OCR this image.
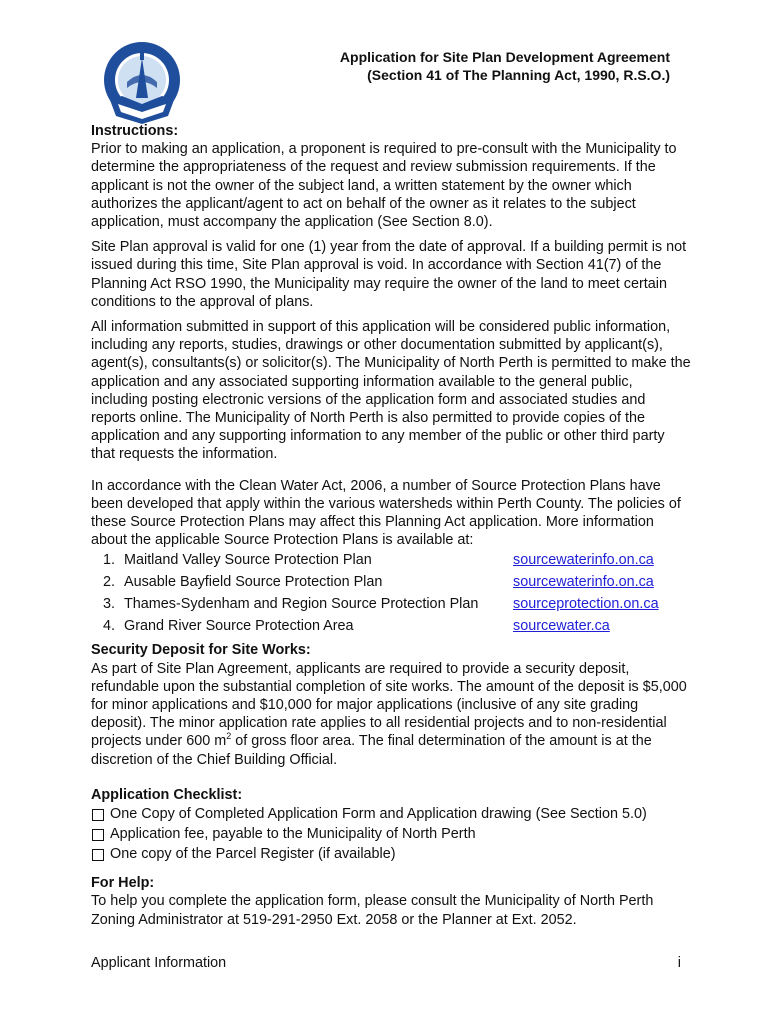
Application for Site Plan Development Agreement
(Section 41 of The Planning Act, 1990, R.S.O.)
Instructions:

Prior to making an application, a proponent is required to pre-consult with the Municipality to determine the appropriateness of the request and review submission requirements. If the applicant is not the owner of the subject land, a written statement by the owner which authorizes the applicant/agent to act on behalf of the owner as it relates to the subject application, must accompany the application (See Section 8.0).

Site Plan approval is valid for one (1) year from the date of approval. If a building permit is not issued during this time, Site Plan approval is void. In accordance with Section 41(7) of the Planning Act RSO 1990, the Municipality may require the owner of the land to meet certain conditions to the approval of plans.

All information submitted in support of this application will be considered public information, including any reports, studies, drawings or other documentation submitted by applicant(s), agent(s), consultants(s) or solicitor(s). The Municipality of North Perth is permitted to make the application and any associated supporting information available to the general public, including posting electronic versions of the application form and associated studies and reports online. The Municipality of North Perth is also permitted to provide copies of the application and any supporting information to any member of the public or other third party that requests the information.

In accordance with the Clean Water Act, 2006, a number of Source Protection Plans have been developed that apply within the various watersheds within Perth County. The policies of these Source Protection Plans may affect this Planning Act application. More information about the applicable Source Protection Plans is available at:

1. Maitland Valley Source Protection Plan	sourcewaterinfo.on.ca
2. Ausable Bayfield Source Protection Plan	sourcewaterinfo.on.ca
3. Thames-Sydenham and Region Source Protection Plan	sourceprotection.on.ca
4. Grand River Source Protection Area	sourcewater.ca
Security Deposit for Site Works:

As part of Site Plan Agreement, applicants are required to provide a security deposit, refundable upon the substantial completion of site works. The amount of the deposit is $5,000 for minor applications and $10,000 for major applications (inclusive of any site grading deposit). The minor application rate applies to all residential projects and to non-residential projects under 600 $m^2$ of gross floor area. The final determination of the amount is at the discretion of the Chief Building Official.

Application Checklist:
One Copy of Completed Application Form and Application drawing (See Section 5.0)
Application fee, payable to the Municipality of North Perth
One copy of the Parcel Register (if available)
For Help:

To help you complete the application form, please consult the Municipality of North Perth Zoning Administrator at 519-291-2950 Ext. 2058 or the Planner at Ext. 2052.

Applicant Information	i
